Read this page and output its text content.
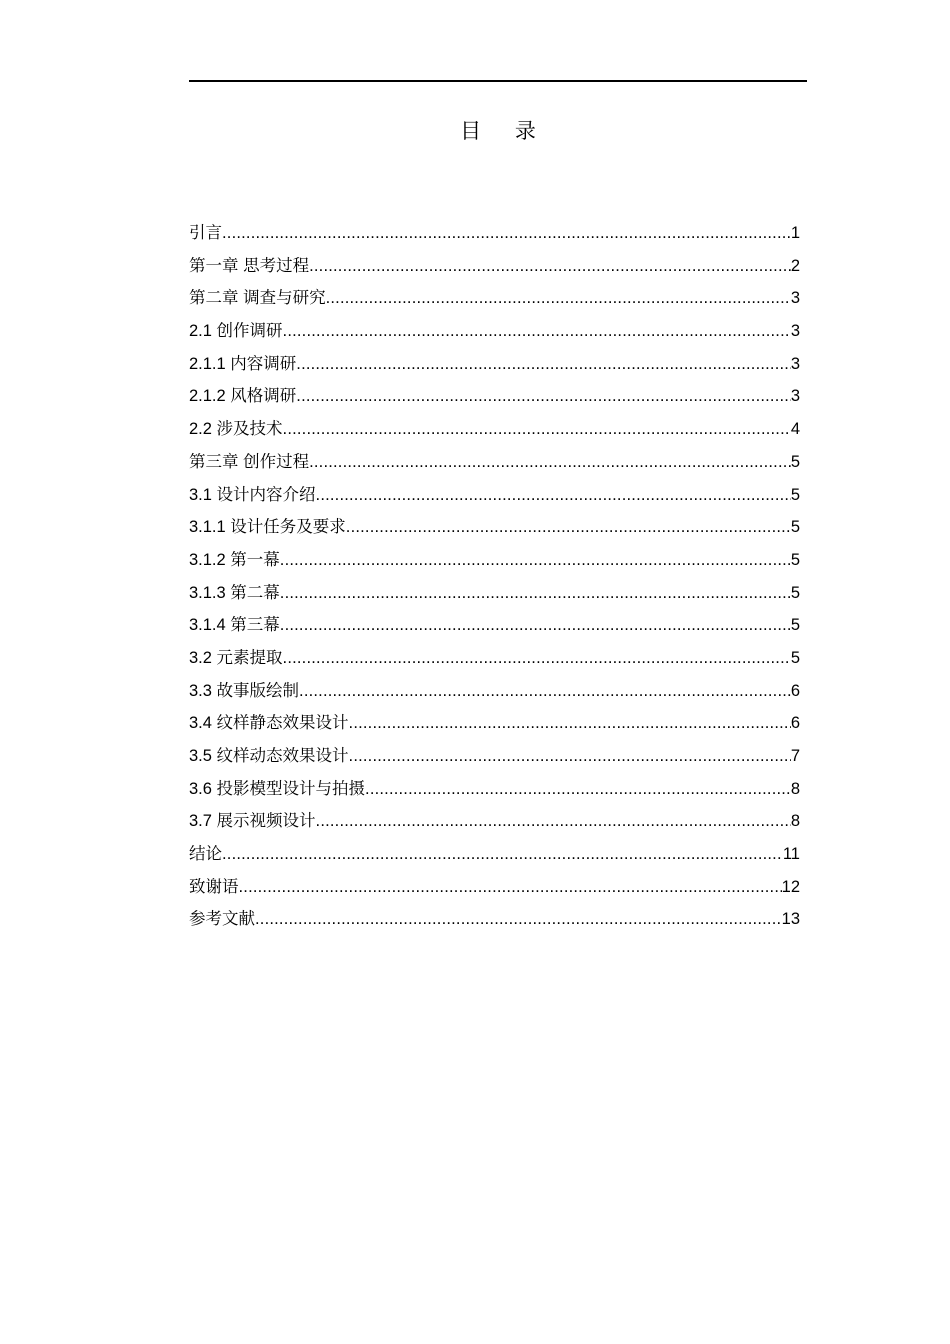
目 录
引言 .....	1
第一章 思考过程 .....	2
第二章 调查与研究 .....	3
2.1 创作调研 .....	3
2.1.1 内容调研 .....	3
2.1.2 风格调研 .....	3
2.2 涉及技术 .....	4
第三章 创作过程 .....	5
3.1 设计内容介绍 .....	5
3.1.1 设计任务及要求 .....	5
3.1.2 第一幕 .....	5
3.1.3 第二幕 .....	5
3.1.4 第三幕 .....	5
3.2 元素提取 .....	5
3.3 故事版绘制 .....	6
3.4 纹样静态效果设计 .....	6
3.5 纹样动态效果设计 .....	7
3.6 投影模型设计与拍摄 .....	8
3.7 展示视频设计 .....	8
结论 .....	11
致谢语 .....	12
参考文献 .....	13
